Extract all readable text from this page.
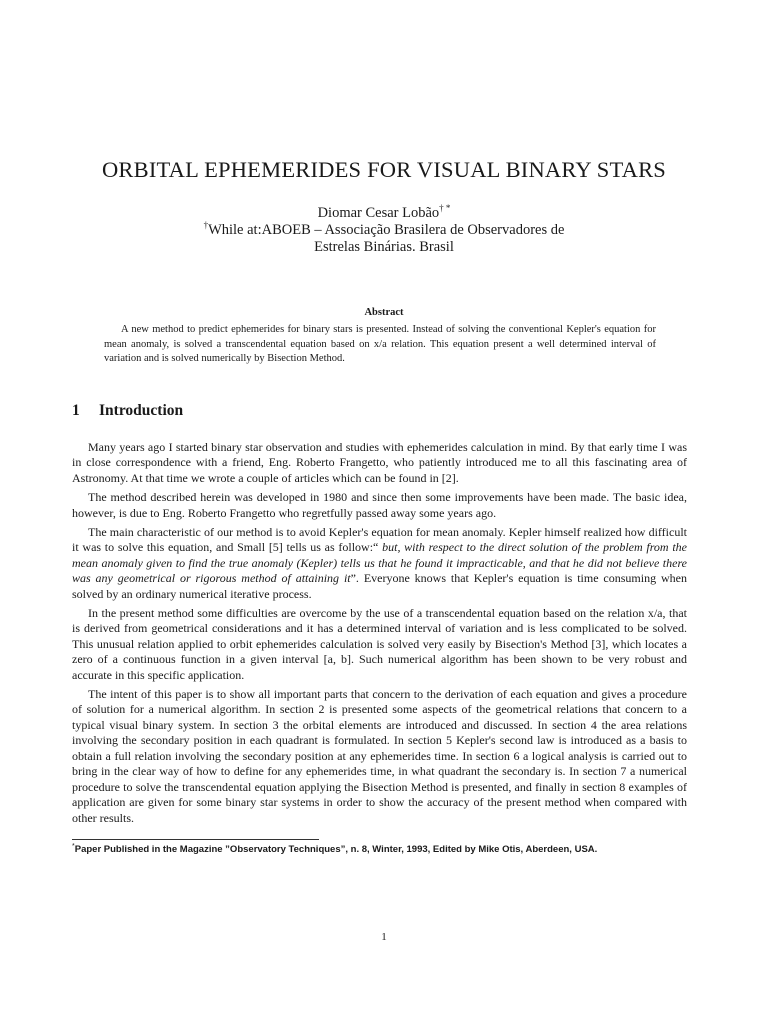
ORBITAL EPHEMERIDES FOR VISUAL BINARY STARS
Diomar Cesar Lobão† *
†While at:ABOEB – Associação Brasilera de Observadores de
Estrelas Binárias. Brasil
Abstract

A new method to predict ephemerides for binary stars is presented. Instead of solving the conventional Kepler's equation for mean anomaly, is solved a transcendental equation based on x/a relation. This equation present a well determined interval of variation and is solved numerically by Bisection Method.

1 Introduction

Many years ago I started binary star observation and studies with ephemerides calculation in mind. By that early time I was in close correspondence with a friend, Eng. Roberto Frangetto, who patiently introduced me to all this fascinating area of Astronomy. At that time we wrote a couple of articles which can be found in [2].

The method described herein was developed in 1980 and since then some improvements have been made. The basic idea, however, is due to Eng. Roberto Frangetto who regretfully passed away some years ago.

The main characteristic of our method is to avoid Kepler's equation for mean anomaly. Kepler himself realized how difficult it was to solve this equation, and Small [5] tells us as follow:“ but, with respect to the direct solution of the problem from the mean anomaly given to find the true anomaly (Kepler) tells us that he found it impracticable, and that he did not believe there was any geometrical or rigorous method of attaining it”. Everyone knows that Kepler's equation is time consuming when solved by an ordinary numerical iterative process.

In the present method some difficulties are overcome by the use of a transcendental equation based on the relation x/a, that is derived from geometrical considerations and it has a determined interval of variation and is less complicated to be solved. This unusual relation applied to orbit ephemerides calculation is solved very easily by Bisection's Method [3], which locates a zero of a continuous function in a given interval [a, b]. Such numerical algorithm has been shown to be very robust and accurate in this specific application.

The intent of this paper is to show all important parts that concern to the derivation of each equation and gives a procedure of solution for a numerical algorithm. In section 2 is presented some aspects of the geometrical relations that concern to a typical visual binary system. In section 3 the orbital elements are introduced and discussed. In section 4 the area relations involving the secondary position in each quadrant is formulated. In section 5 Kepler's second law is introduced as a basis to obtain a full relation involving the secondary position at any ephemerides time. In section 6 a logical analysis is carried out to bring in the clear way of how to define for any ephemerides time, in what quadrant the secondary is. In section 7 a numerical procedure to solve the transcendental equation applying the Bisection Method is presented, and finally in section 8 examples of application are given for some binary star systems in order to show the accuracy of the present method when compared with other results.

*Paper Published in the Magazine ”Observatory Techniques”, n. 8, Winter, 1993, Edited by Mike Otis, Aberdeen, USA.
1
